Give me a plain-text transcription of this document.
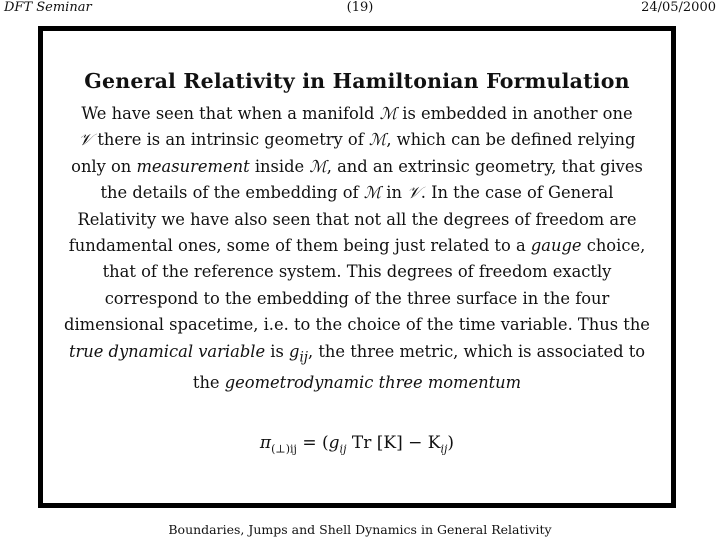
DFT Seminar	(19)	24/05/2000
General Relativity in Hamiltonian Formulation

We have seen that when a manifold ℳ is embedded in another one
𝒱 there is an intrinsic geometry of ℳ, which can be defined relying only on measurement inside ℳ, and an extrinsic geometry, that gives the details of the embedding of ℳ in 𝒱. In the case of General Relativity we have also seen that not all the degrees of freedom are fundamental ones, some of them being just related to a gauge choice, that of the reference system. This degrees of freedom exactly correspond to the embedding of the three surface in the four dimensional spacetime, i.e. to the choice of the time variable. Thus the true dynamical variable is $g_{ij}$, the three metric, which is associated to the geometrodynamic three momentum

$\pi_{(\perp)ij} = (g_{ij}$ Tr $[K] - K_{ij}$)
Boundaries, Jumps and Shell Dynamics in General Relativity
